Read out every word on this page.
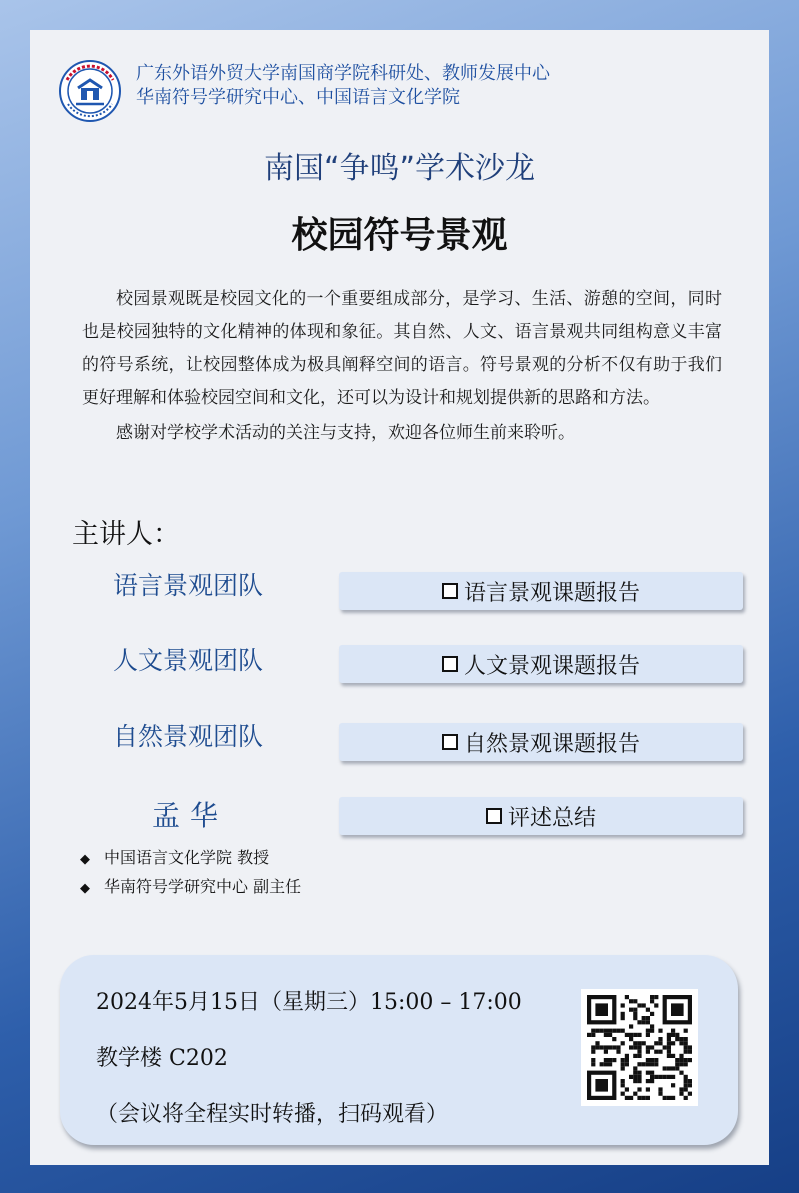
广东外语外贸大学南国商学院科研处、教师发展中心
华南符号学研究中心、中国语言文化学院
南国“争鸣”学术沙龙
校园符号景观

校园景观既是校园文化的一个重要组成部分，是学习、生活、游憩的空间，同时也是校园独特的文化精神的体现和象征。其自然、人文、语言景观共同组构意义丰富的符号系统，让校园整体成为极具阐释空间的语言。符号景观的分析不仅有助于我们更好理解和体验校园空间和文化，还可以为设计和规划提供新的思路和方法。

感谢对学校学术活动的关注与支持，欢迎各位师生前来聆听。

主讲人：
语言景观团队	语言景观课题报告
人文景观团队	人文景观课题报告
自然景观团队	自然景观课题报告
孟华	评述总结
◆ 中国语言文化学院 教授
◆ 华南符号学研究中心 副主任
2024年5月15日（星期三）15:00 – 17:00
教学楼 C202
（会议将全程实时转播，扫码观看）
